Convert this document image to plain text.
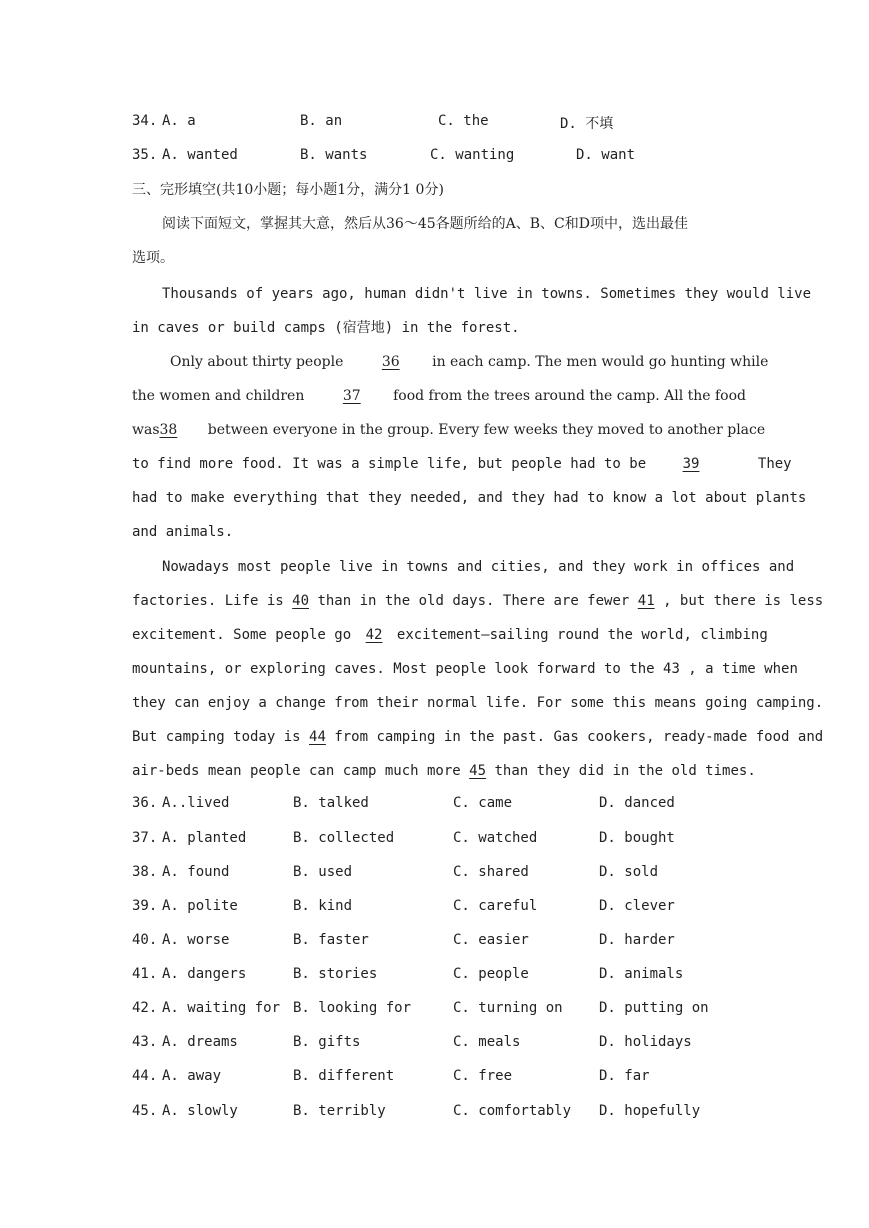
34. A. a	B. an	C. the	D. 不填
35. A. wanted	B. wants	C. wanting	D. want
三、完形填空(共10小题；每小题1分，满分1 0分)
阅读下面短文，掌握其大意，然后从36～45各题所给的A、B、C和D项中，选出最佳
选项。
Thousands of years ago, human didn't live in towns. Sometimes they would live
in caves or build camps (宿营地) in the forest.
Only about thirty people	36 in each camp. The men would go hunting while
the women and children	37 food from the trees around the camp. All the food
was38 between everyone in the group. Every few weeks they moved to another place
to find more food. It was a simple life, but people had to be	39	They
had to make everything that they needed, and they had to know a lot about plants
and animals.
Nowadays most people live in towns and cities, and they work in offices and
factories. Life is 40 than in the old days. There are fewer 41 , but there is less
excitement. Some people go 42 excitement—sailing round the world, climbing
mountains, or exploring caves. Most people look forward to the 43 , a time when
they can enjoy a change from their normal life. For some this means going camping.
But camping today is 44 from camping in the past. Gas cookers, ready-made food and
air-beds mean people can camp much more 45 than they did in the old times.
36. A..lived	B. talked	C. came	D. danced
37. A. planted	B. collected	C. watched	D. bought
38. A. found	B. used	C. shared	D. sold
39. A. polite	B. kind	C. careful	D. clever
40. A. worse	B. faster	C. easier	D. harder
41. A. dangers	B. stories	C. people	D. animals
42. A. waiting for B. looking for	C. turning on	D. putting on
43. A. dreams	B. gifts	C. meals	D. holidays
44. A. away	B. different	C. free	D. far
45. A. slowly	B. terribly	C. comfortably D. hopefully
